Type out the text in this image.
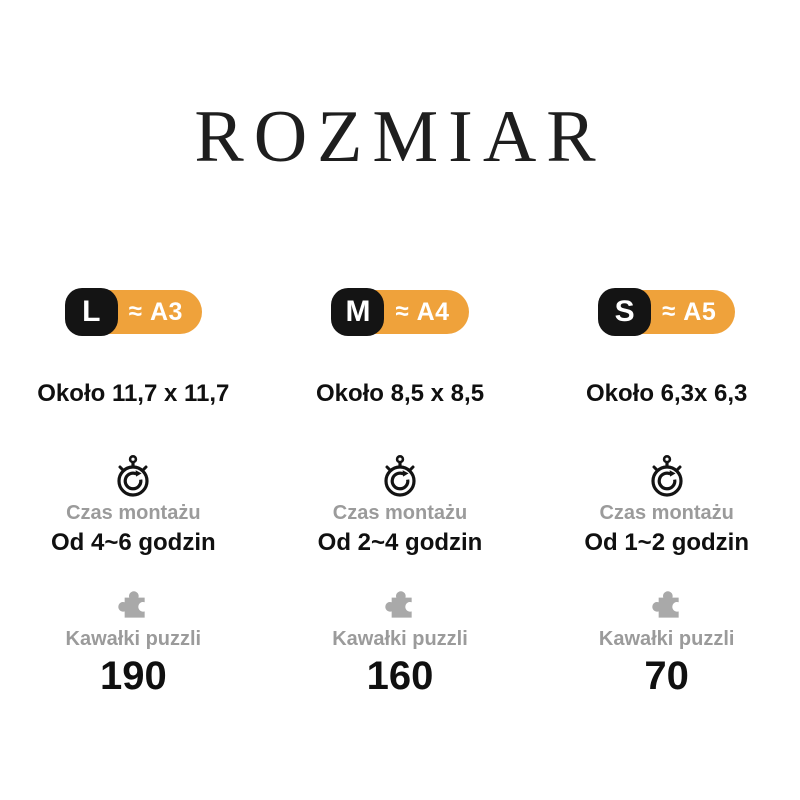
ROZMIAR
L	≈ A3
Około 11,7 x 11,7
Czas montażu
Od 4~6 godzin
Kawałki puzzli
190
M	≈ A4
Około 8,5 x 8,5
Czas montażu
Od 2~4 godzin
Kawałki puzzli
160
S	≈ A5
Około 6,3x 6,3
Czas montażu
Od 1~2 godzin
Kawałki puzzli
70
